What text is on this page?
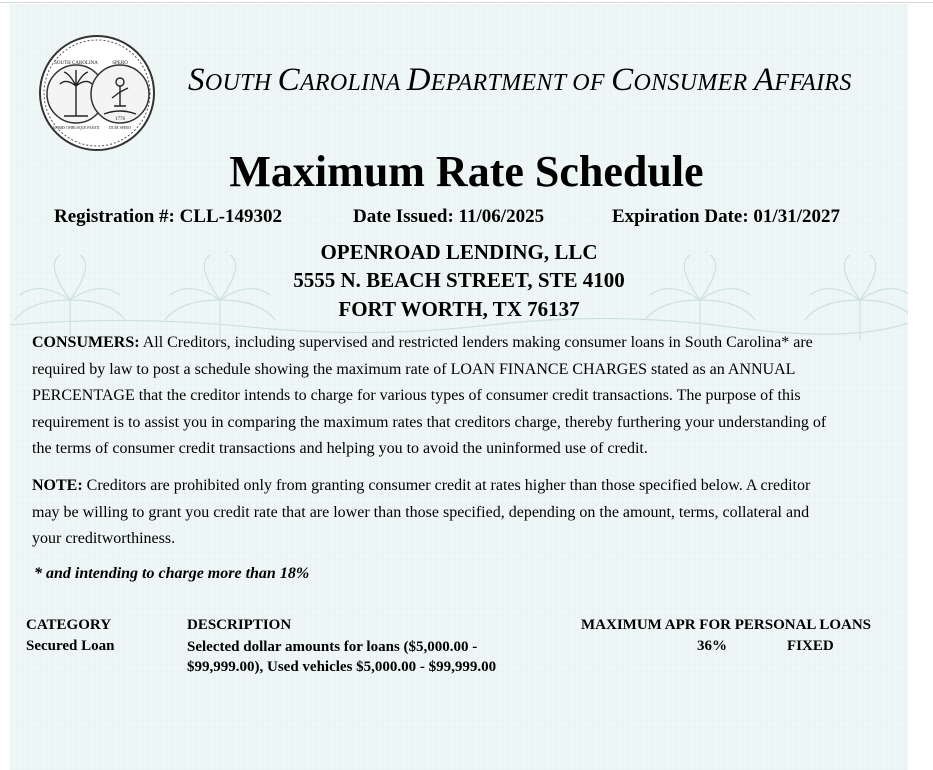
SOUTH CAROLINA	SPERO
ANIMIS OPIBUSQUE PARATI DUM SPIRO
1776
SOUTH CAROLINA DEPARTMENT OF CONSUMER AFFAIRS
Maximum Rate Schedule
Registration #: CLL-149302	Date Issued: 11/06/2025	Expiration Date: 01/31/2027
OPENROAD LENDING, LLC
5555 N. BEACH STREET, STE 4100
FORT WORTH, TX 76137
CONSUMERS: All Creditors, including supervised and restricted lenders making consumer loans in South Carolina* are
required by law to post a schedule showing the maximum rate of LOAN FINANCE CHARGES stated as an ANNUAL
PERCENTAGE that the creditor intends to charge for various types of consumer credit transactions. The purpose of this
requirement is to assist you in comparing the maximum rates that creditors charge, thereby furthering your understanding of
the terms of consumer credit transactions and helping you to avoid the uninformed use of credit.
NOTE: Creditors are prohibited only from granting consumer credit at rates higher than those specified below. A creditor
may be willing to grant you credit rate that are lower than those specified, depending on the amount, terms, collateral and
your creditworthiness.
* and intending to charge more than 18%
CATEGORY	DESCRIPTION	MAXIMUM APR FOR PERSONAL LOANS
Secured Loan	Selected dollar amounts for loans ($5,000.00 -
$99,999.00), Used vehicles $5,000.00 - $99,999.00
36%	FIXED
